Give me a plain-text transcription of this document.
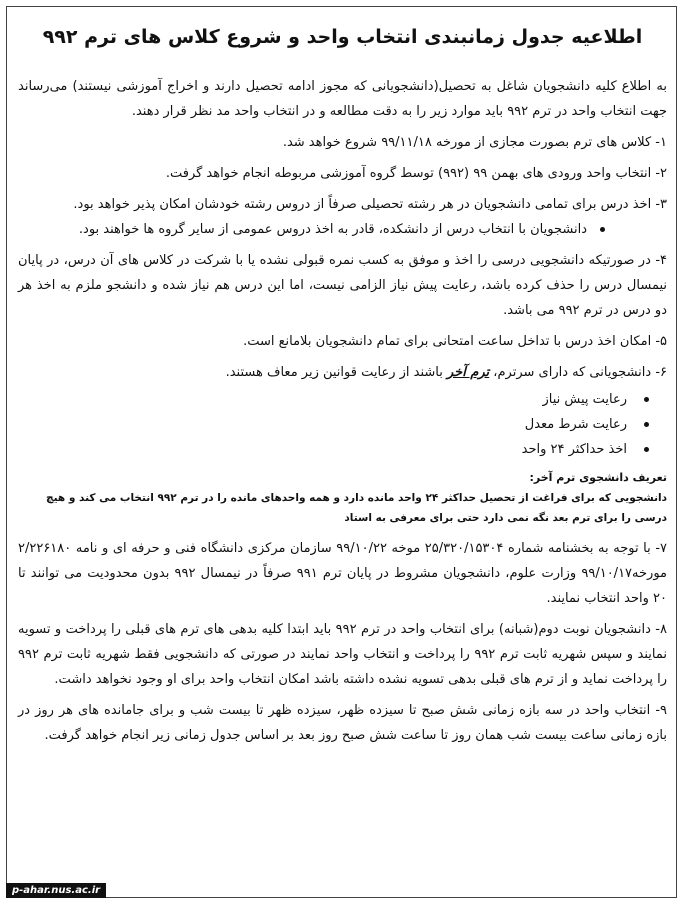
اطلاعیه جدول زمانبندی انتخاب واحد و شروع کلاس های ترم ۹۹۲

به اطلاع کلیه دانشجویان شاغل به تحصیل(دانشجویانی که مجوز ادامه تحصیل دارند و اخراج آموزشی نیستند) می‌رساند جهت انتخاب واحد در ترم ۹۹۲ باید موارد زیر را به دقت مطالعه و در انتخاب واحد مد نظر قرار دهند.

۱- کلاس های ترم بصورت مجازی از مورخه ۹۹/۱۱/۱۸ شروع خواهد شد.

۲- انتخاب واحد ورودی های بهمن ۹۹ (۹۹۲) توسط گروه آموزشی مربوطه انجام خواهد گرفت.

۳- اخذ درس برای تمامی دانشجویان در هر رشته تحصیلی صرفاً از دروس رشته خودشان امکان پذیر خواهد بود.

دانشجویان با انتخاب درس از دانشکده، قادر به اخذ دروس عمومی از سایر گروه ها خواهند بود.

۴- در صورتیکه دانشجویی درسی را اخذ و موفق به کسب نمره قبولی نشده یا با شرکت در کلاس های آن درس، در پایان نیمسال درس را حذف کرده باشد، رعایت پیش نیاز الزامی نیست، اما این درس هم نیاز شده و دانشجو ملزم به اخذ هر دو درس در ترم ۹۹۲ می باشد.

۵- امکان اخذ درس با تداخل ساعت امتحانی برای تمام دانشجویان بلامانع است.

۶- دانشجویانی که دارای سرترم، ترم آخر باشند از رعایت قوانین زیر معاف هستند.

رعایت پیش نیاز
رعایت شرط معدل
اخذ حداکثر ۲۴ واحد
تعریف دانشجوی ترم آخر:
دانشجویی که برای فراغت از تحصیل حداکثر ۲۴ واحد مانده دارد و همه واحدهای مانده را در ترم ۹۹۲ انتخاب می کند و هیچ درسی را برای ترم بعد نگه نمی دارد حتی برای معرفی به استاد

۷- با توجه به بخشنامه شماره ۲۵/۳۲۰/۱۵۳۰۴ موخه ۹۹/۱۰/۲۲ سازمان مرکزی دانشگاه فنی و حرفه ای و نامه ۲/۲۲۶۱۸۰ مورخه۹۹/۱۰/۱۷ وزارت علوم، دانشجویان مشروط در پایان ترم ۹۹۱ صرفاً در نیمسال ۹۹۲ بدون محدودیت می توانند تا ۲۰ واحد انتخاب نمایند.

۸- دانشجویان نوبت دوم(شبانه) برای انتخاب واحد در ترم ۹۹۲ باید ابتدا کلیه بدهی های ترم های قبلی را پرداخت و تسویه نمایند و سپس شهریه ثابت ترم ۹۹۲ را پرداخت و انتخاب واحد نمایند در صورتی که دانشجویی فقط شهریه ثابت ترم ۹۹۲ را پرداخت نماید و از ترم های قبلی بدهی تسویه نشده داشته باشد امکان انتخاب واحد برای او وجود نخواهد داشت.

۹- انتخاب واحد در سه بازه زمانی شش صبح تا سیزده ظهر، سیزده ظهر تا بیست شب و برای جامانده های هر روز در بازه زمانی ساعت بیست شب همان روز تا ساعت شش صبح روز بعد بر اساس جدول زمانی زیر انجام خواهد گرفت.

p-ahar.nus.ac.ir
